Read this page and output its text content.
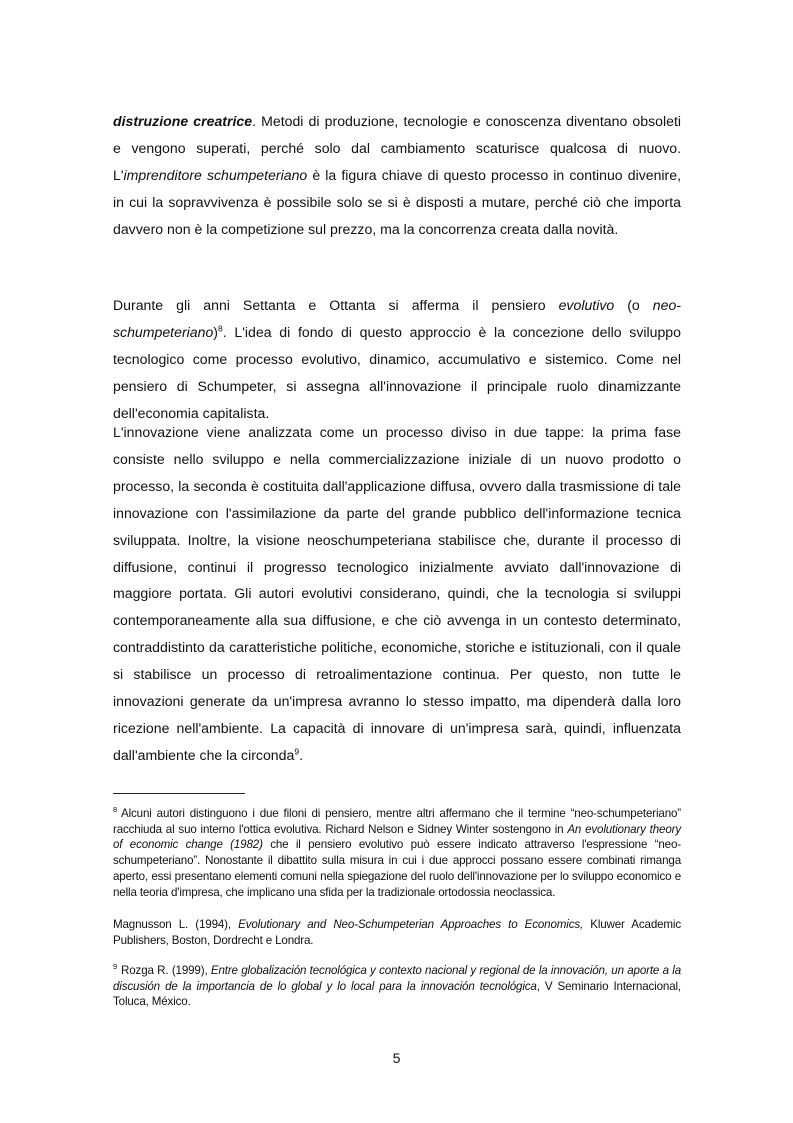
distruzione creatrice. Metodi di produzione, tecnologie e conoscenza diventano obsoleti e vengono superati, perché solo dal cambiamento scaturisce qualcosa di nuovo. L'imprenditore schumpeteriano è la figura chiave di questo processo in continuo divenire, in cui la sopravvivenza è possibile solo se si è disposti a mutare, perché ciò che importa davvero non è la competizione sul prezzo, ma la concorrenza creata dalla novità.

Durante gli anni Settanta e Ottanta si afferma il pensiero evolutivo (o neo-schumpeteriano)$^8$. L'idea di fondo di questo approccio è la concezione dello sviluppo tecnologico come processo evolutivo, dinamico, accumulativo e sistemico. Come nel pensiero di Schumpeter, si assegna all'innovazione il principale ruolo dinamizzante dell'economia capitalista.

L'innovazione viene analizzata come un processo diviso in due tappe: la prima fase consiste nello sviluppo e nella commercializzazione iniziale di un nuovo prodotto o processo, la seconda è costituita dall'applicazione diffusa, ovvero dalla trasmissione di tale innovazione con l'assimilazione da parte del grande pubblico dell'informazione tecnica sviluppata. Inoltre, la visione neoschumpeteriana stabilisce che, durante il processo di diffusione, continui il progresso tecnologico inizialmente avviato dall'innovazione di maggiore portata. Gli autori evolutivi considerano, quindi, che la tecnologia si sviluppi contemporaneamente alla sua diffusione, e che ciò avvenga in un contesto determinato, contraddistinto da caratteristiche politiche, economiche, storiche e istituzionali, con il quale si stabilisce un processo di retroalimentazione continua. Per questo, non tutte le innovazioni generate da un'impresa avranno lo stesso impatto, ma dipenderà dalla loro ricezione nell'ambiente. La capacità di innovare di un'impresa sarà, quindi, influenzata dall'ambiente che la circonda$^9$.

$^8$ Alcuni autori distinguono i due filoni di pensiero, mentre altri affermano che il termine “neo-schumpeteriano” racchiuda al suo interno l'ottica evolutiva. Richard Nelson e Sidney Winter sostengono in An evolutionary theory of economic change (1982) che il pensiero evolutivo può essere indicato attraverso l'espressione “neo-schumpeteriano”. Nonostante il dibattito sulla misura in cui i due approcci possano essere combinati rimanga aperto, essi presentano elementi comuni nella spiegazione del ruolo dell'innovazione per lo sviluppo economico e nella teoria d'impresa, che implicano una sfida per la tradizionale ortodossia neoclassica.

Magnusson L. (1994), Evolutionary and Neo-Schumpeterian Approaches to Economics, Kluwer Academic Publishers, Boston, Dordrecht e Londra.

$^9$ Rozga R. (1999), Entre globalización tecnológica y contexto nacional y regional de la innovación, un aporte a la discusión de la importancia de lo global y lo local para la innovación tecnológica, V Seminario Internacional, Toluca, México.

5
